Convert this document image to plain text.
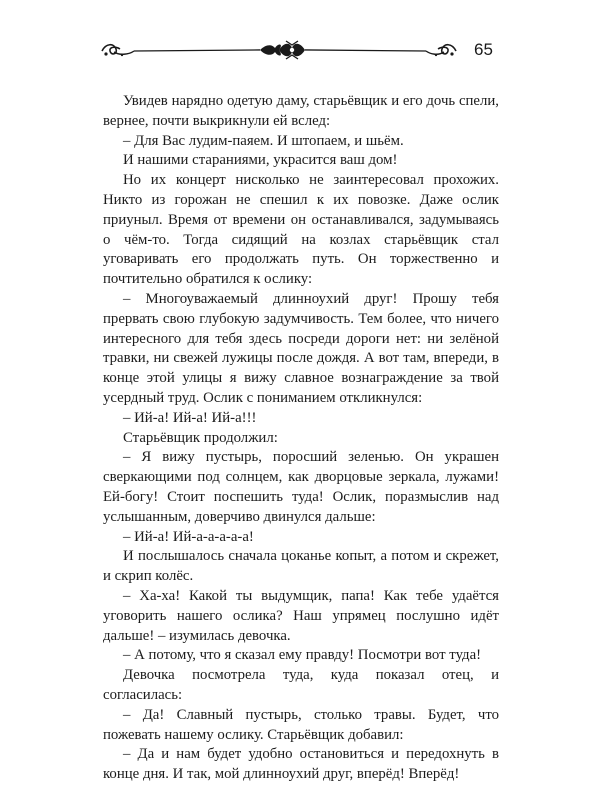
65

Увидев нарядно одетую даму, старьёвщик и его дочь спели, вернее, почти выкрикнули ей вслед:

– Для Вас лудим-паяем. И штопаем, и шьём.

И нашими стараниями, украсится ваш дом!

Но их концерт нисколько не заинтересовал прохожих. Никто из горожан не спешил к их повозке. Даже ослик приуныл. Время от времени он останавливался, задумываясь о чём-то. Тогда сидящий на козлах старьёвщик стал уговаривать его продолжать путь. Он торжественно и почтительно обратился к ослику:

– Многоуважаемый длинноухий друг! Прошу тебя прервать свою глубокую задумчивость. Тем более, что ничего интересного для тебя здесь посреди дороги нет: ни зелёной травки, ни свежей лужицы после дождя. А вот там, впереди, в конце этой улицы я вижу славное вознаграждение за твой усердный труд. Ослик с пониманием откликнулся:

– Ий-а! Ий-а! Ий-а!!!

Старьёвщик продолжил:

– Я вижу пустырь, поросший зеленью. Он украшен сверкающими под солнцем, как дворцовые зеркала, лужами! Ей-богу! Стоит поспешить туда! Ослик, поразмыслив над услышанным, доверчиво двинулся дальше:

– Ий-а! Ий-а-а-а-а-а!

И послышалось сначала цоканье копыт, а потом и скрежет, и скрип колёс.

– Ха-ха! Какой ты выдумщик, папа! Как тебе удаётся уговорить нашего ослика? Наш упрямец послушно идёт дальше! – изумилась девочка.

– А потому, что я сказал ему правду! Посмотри вот туда!

Девочка посмотрела туда, куда показал отец, и согласилась:

– Да! Славный пустырь, столько травы. Будет, что пожевать нашему ослику. Старьёвщик добавил:

– Да и нам будет удобно остановиться и передохнуть в конце дня. И так, мой длинноухий друг, вперёд! Вперёд!
